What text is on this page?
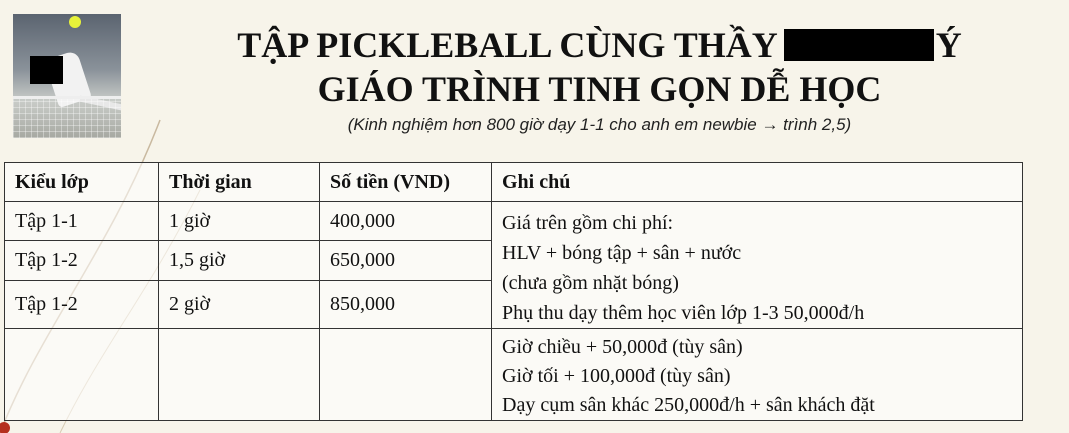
TẬP PICKLEBALL CÙNG THẦY	Ý
GIÁO TRÌNH TINH GỌN DỄ HỌC
(Kinh nghiệm hơn 800 giờ dạy 1-1 cho anh em newbie → trình 2,5)
Kiểu lớp	Thời gian	Số tiền (VND)	Ghi chú
Tập 1-1	1 giờ	400,000	Giá trên gồm chi phí:
HLV + bóng tập + sân + nước
(chưa gồm nhặt bóng)
Phụ thu dạy thêm học viên lớp 1-3 50,000đ/h

Tập 1-2	1,5 giờ	650,000	
Tập 1-2	2 giờ	850,000	

			Giờ chiều + 50,000đ (tùy sân)
Giờ tối + 100,000đ (tùy sân)
Dạy cụm sân khác 250,000đ/h + sân khách đặt
